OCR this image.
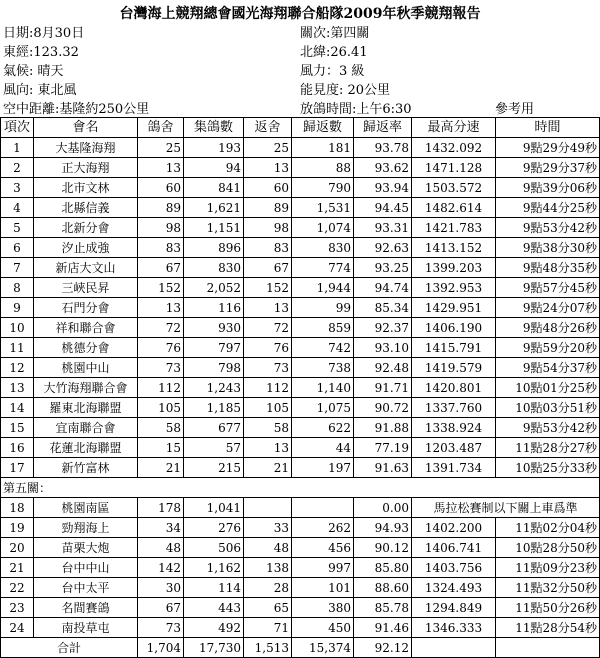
台灣海上競翔總會國光海翔聯合船隊2009年秋季競翔報告
日期:8月30日	關次:第四關
東經:123.32	北緯:26.41
氣候: 晴天	風力：3 級
風向: 東北風	能見度: 20公里
空中距離:基隆約250公里	放鴿時間:上午6:30	參考用
項次	會名	鴿舍	集鴿數	返舍	歸返數	歸返率	最高分速	時間
1	大基隆海翔	25	193	25	181	93.78	1432.092	9點29分49秒
2	正大海翔	13	94	13	88	93.62	1471.128	9點29分37秒
3	北市文林	60	841	60	790	93.94	1503.572	9點39分06秒
4	北縣信義	89	1,621	89	1,531	94.45	1482.614	9點44分25秒
5	北新分會	98	1,151	98	1,074	93.31	1421.783	9點53分42秒
6	汐止成強	83	896	83	830	92.63	1413.152	9點38分30秒
7	新店大文山	67	830	67	774	93.25	1399.203	9點48分35秒
8	三峽民昇	152	2,052	152	1,944	94.74	1392.953	9點57分45秒
9	石門分會	13	116	13	99	85.34	1429.951	9點24分07秒
10	祥和聯合會	72	930	72	859	92.37	1406.190	9點48分26秒
11	桃德分會	76	797	76	742	93.10	1415.791	9點59分20秒
12	桃園中山	73	798	73	738	92.48	1419.579	9點54分37秒
13	大竹海翔聯合會	112	1,243	112	1,140	91.71	1420.801	10點01分25秒
14	羅東北海聯盟	105	1,185	105	1,075	90.72	1337.760	10點03分51秒
15	宜南聯合會	58	677	58	622	91.88	1338.924	9點53分42秒
16	花蓮北海聯盟	15	57	13	44	77.19	1203.487	11點28分27秒
17	新竹富林	21	215	21	197	91.63	1391.734	10點25分33秒
第五關：								
18	桃園南區	178	1,041			0.00	馬拉松賽制以下關上車爲準	
19	勁翔海上	34	276	33	262	94.93	1402.200	11點02分04秒
20	苗栗大炮	48	506	48	456	90.12	1406.741	10點28分50秒
21	台中中山	142	1,162	138	997	85.80	1403.756	11點09分23秒
22	台中太平	30	114	28	101	88.60	1324.493	11點32分50秒
23	名間賽鴿	67	443	65	380	85.78	1294.849	11點50分26秒
24	南投草屯	73	492	71	450	91.46	1346.333	11點28分54秒
合計		1,704	17,730	1,513	15,374	92.12		
